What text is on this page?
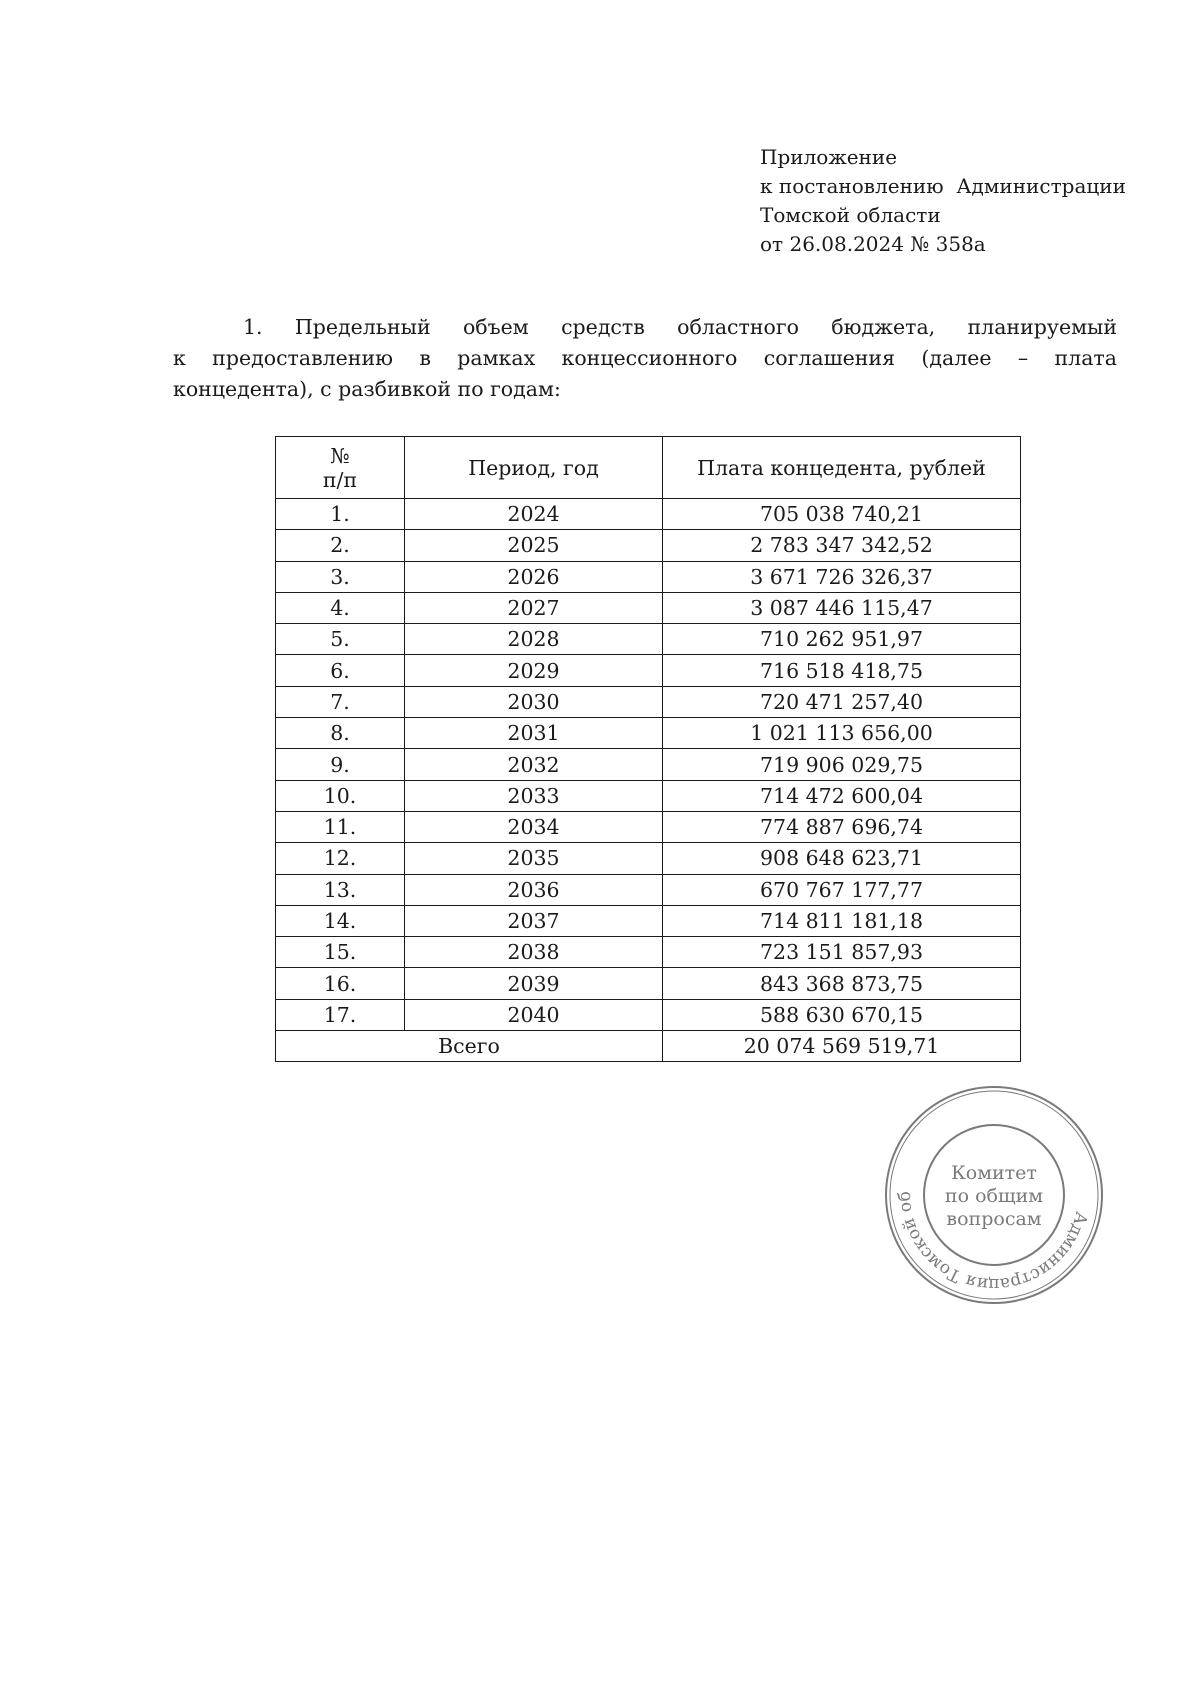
Приложение
к постановлению  Администрации
Томской области
от 26.08.2024 № 358а
1. Предельный объем средств областного бюджета, планируемый
к предоставлению в рамках концессионного соглашения (далее – плата
концедента), с разбивкой по годам:
№
п/п	Период, год	Плата концедента, рублей
1.	2024	705 038 740,21
2.	2025	2 783 347 342,52
3.	2026	3 671 726 326,37
4.	2027	3 087 446 115,47
5.	2028	710 262 951,97
6.	2029	716 518 418,75
7.	2030	720 471 257,40
8.	2031	1 021 113 656,00
9.	2032	719 906 029,75
10.	2033	714 472 600,04
11.	2034	774 887 696,74
12.	2035	908 648 623,71
13.	2036	670 767 177,77
14.	2037	714 811 181,18
15.	2038	723 151 857,93
16.	2039	843 368 873,75
17.	2040	588 630 670,15
Всего		20 074 569 519,71
Администрация Томской об
Комитет
по общим
вопросам
